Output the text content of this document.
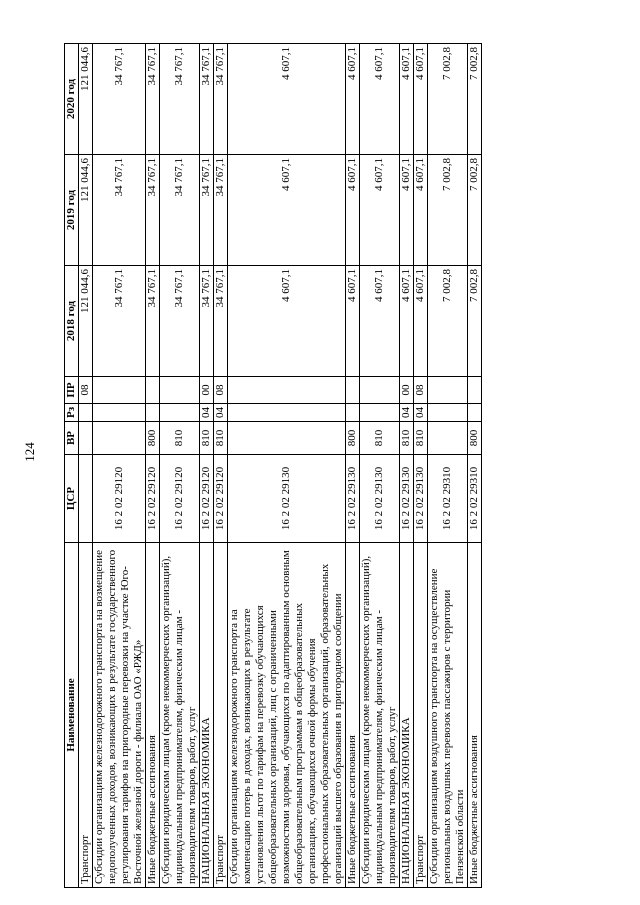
124
Наименование	ЦСР	ВР	Рз	ПР	2018 год	2019 год	2020 год
Транспорт				08	121 044,6	121 044,6	121 044,6
Субсидии организациям железнодорожного транспорта на возмещение недополученных доходов, возникающих в результате государственного регулирования тарифов на пригородные перевозки на участке Юго-Восточной железной дороги - филиала ОАО «РЖД»	16 2 02 29120				34 767,1	34 767,1	34 767,1
Иные бюджетные ассигнования	16 2 02 29120	800			34 767,1	34 767,1	34 767,1
Субсидии юридическим лицам (кроме некоммерческих организаций), индивидуальным предпринимателям, физическим лицам - производителям товаров, работ, услуг	16 2 02 29120	810			34 767,1	34 767,1	34 767,1
НАЦИОНАЛЬНАЯ ЭКОНОМИКА	16 2 02 29120	810	04	00	34 767,1	34 767,1	34 767,1
Транспорт	16 2 02 29120	810	04	08	34 767,1	34 767,1	34 767,1
Субсидии организациям железнодорожного транспорта на компенсацию потерь в доходах, возникающих в результате установления льгот по тарифам на перевозку обучающихся общеобразовательных организаций, лиц с ограниченными возможностями здоровья, обучающихся по адаптированным основным общеобразовательным программам в общеобразовательных организациях, обучающихся очной формы обучения профессиональных образовательных организаций, образовательных организаций высшего образования в пригородном сообщении	16 2 02 29130				4 607,1	4 607,1	4 607,1
Иные бюджетные ассигнования	16 2 02 29130	800			4 607,1	4 607,1	4 607,1
Субсидии юридическим лицам (кроме некоммерческих организаций), индивидуальным предпринимателям, физическим лицам - производителям товаров, работ, услуг	16 2 02 29130	810			4 607,1	4 607,1	4 607,1
НАЦИОНАЛЬНАЯ ЭКОНОМИКА	16 2 02 29130	810	04	00	4 607,1	4 607,1	4 607,1
Транспорт	16 2 02 29130	810	04	08	4 607,1	4 607,1	4 607,1
Субсидии организациям воздушного транспорта на осуществление региональных воздушных перевозок пассажиров с территории Пензенской области	16 2 02 29310				7 002,8	7 002,8	7 002,8
Иные бюджетные ассигнования	16 2 02 29310	800			7 002,8	7 002,8	7 002,8
